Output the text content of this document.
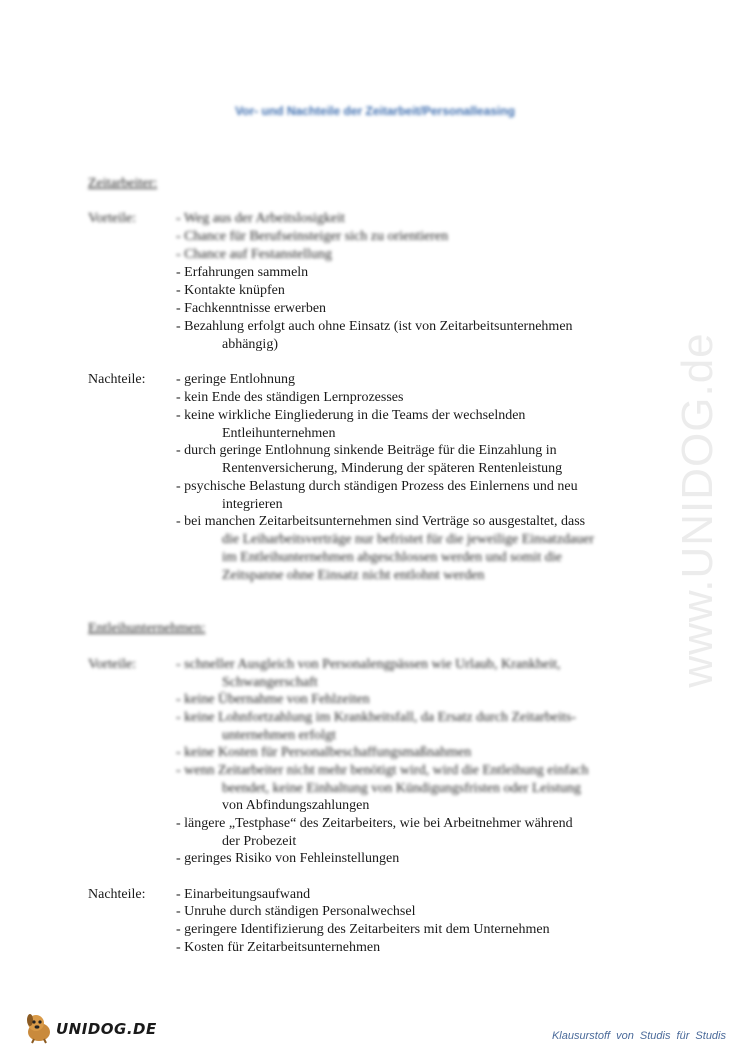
www.UNIDOG.de
Vor- und Nachteile der Zeitarbeit/Personalleasing
Zeitarbeiter:
Vorteile:	- Weg aus der Arbeitslosigkeit
- Chance für Berufseinsteiger sich zu orientieren
- Chance auf Festanstellung
- Erfahrungen sammeln
- Kontakte knüpfen
- Fachkenntnisse erwerben
- Bezahlung erfolgt auch ohne Einsatz (ist von Zeitarbeitsunternehmen
abhängig)
Nachteile: - geringe Entlohnung
- kein Ende des ständigen Lernprozesses
- keine wirkliche Eingliederung in die Teams der wechselnden
Entleihunternehmen
- durch geringe Entlohnung sinkende Beiträge für die Einzahlung in
Rentenversicherung, Minderung der späteren Rentenleistung
- psychische Belastung durch ständigen Prozess des Einlernens und neu
integrieren
- bei manchen Zeitarbeitsunternehmen sind Verträge so ausgestaltet, dass
die Leiharbeitsverträge nur befristet für die jeweilige Einsatzdauer
im Entleihunternehmen abgeschlossen werden und somit die
Zeitspanne ohne Einsatz nicht entlohnt werden
Entleihunternehmen:
Vorteile:	- schneller Ausgleich von Personalengpässen wie Urlaub, Krankheit,
Schwangerschaft
- keine Übernahme von Fehlzeiten
- keine Lohnfortzahlung im Krankheitsfall, da Ersatz durch Zeitarbeits-
unternehmen erfolgt
- keine Kosten für Personalbeschaffungsmaßnahmen
- wenn Zeitarbeiter nicht mehr benötigt wird, wird die Entleihung einfach
beendet, keine Einhaltung von Kündigungsfristen oder Leistung
von Abfindungszahlungen
- längere „Testphase“ des Zeitarbeiters, wie bei Arbeitnehmer während
der Probezeit
- geringes Risiko von Fehleinstellungen
Nachteile: - Einarbeitungsaufwand
- Unruhe durch ständigen Personalwechsel
- geringere Identifizierung des Zeitarbeiters mit dem Unternehmen
- Kosten für Zeitarbeitsunternehmen
UNIDOG.DE	Klausurstoff von Studis für Studis
